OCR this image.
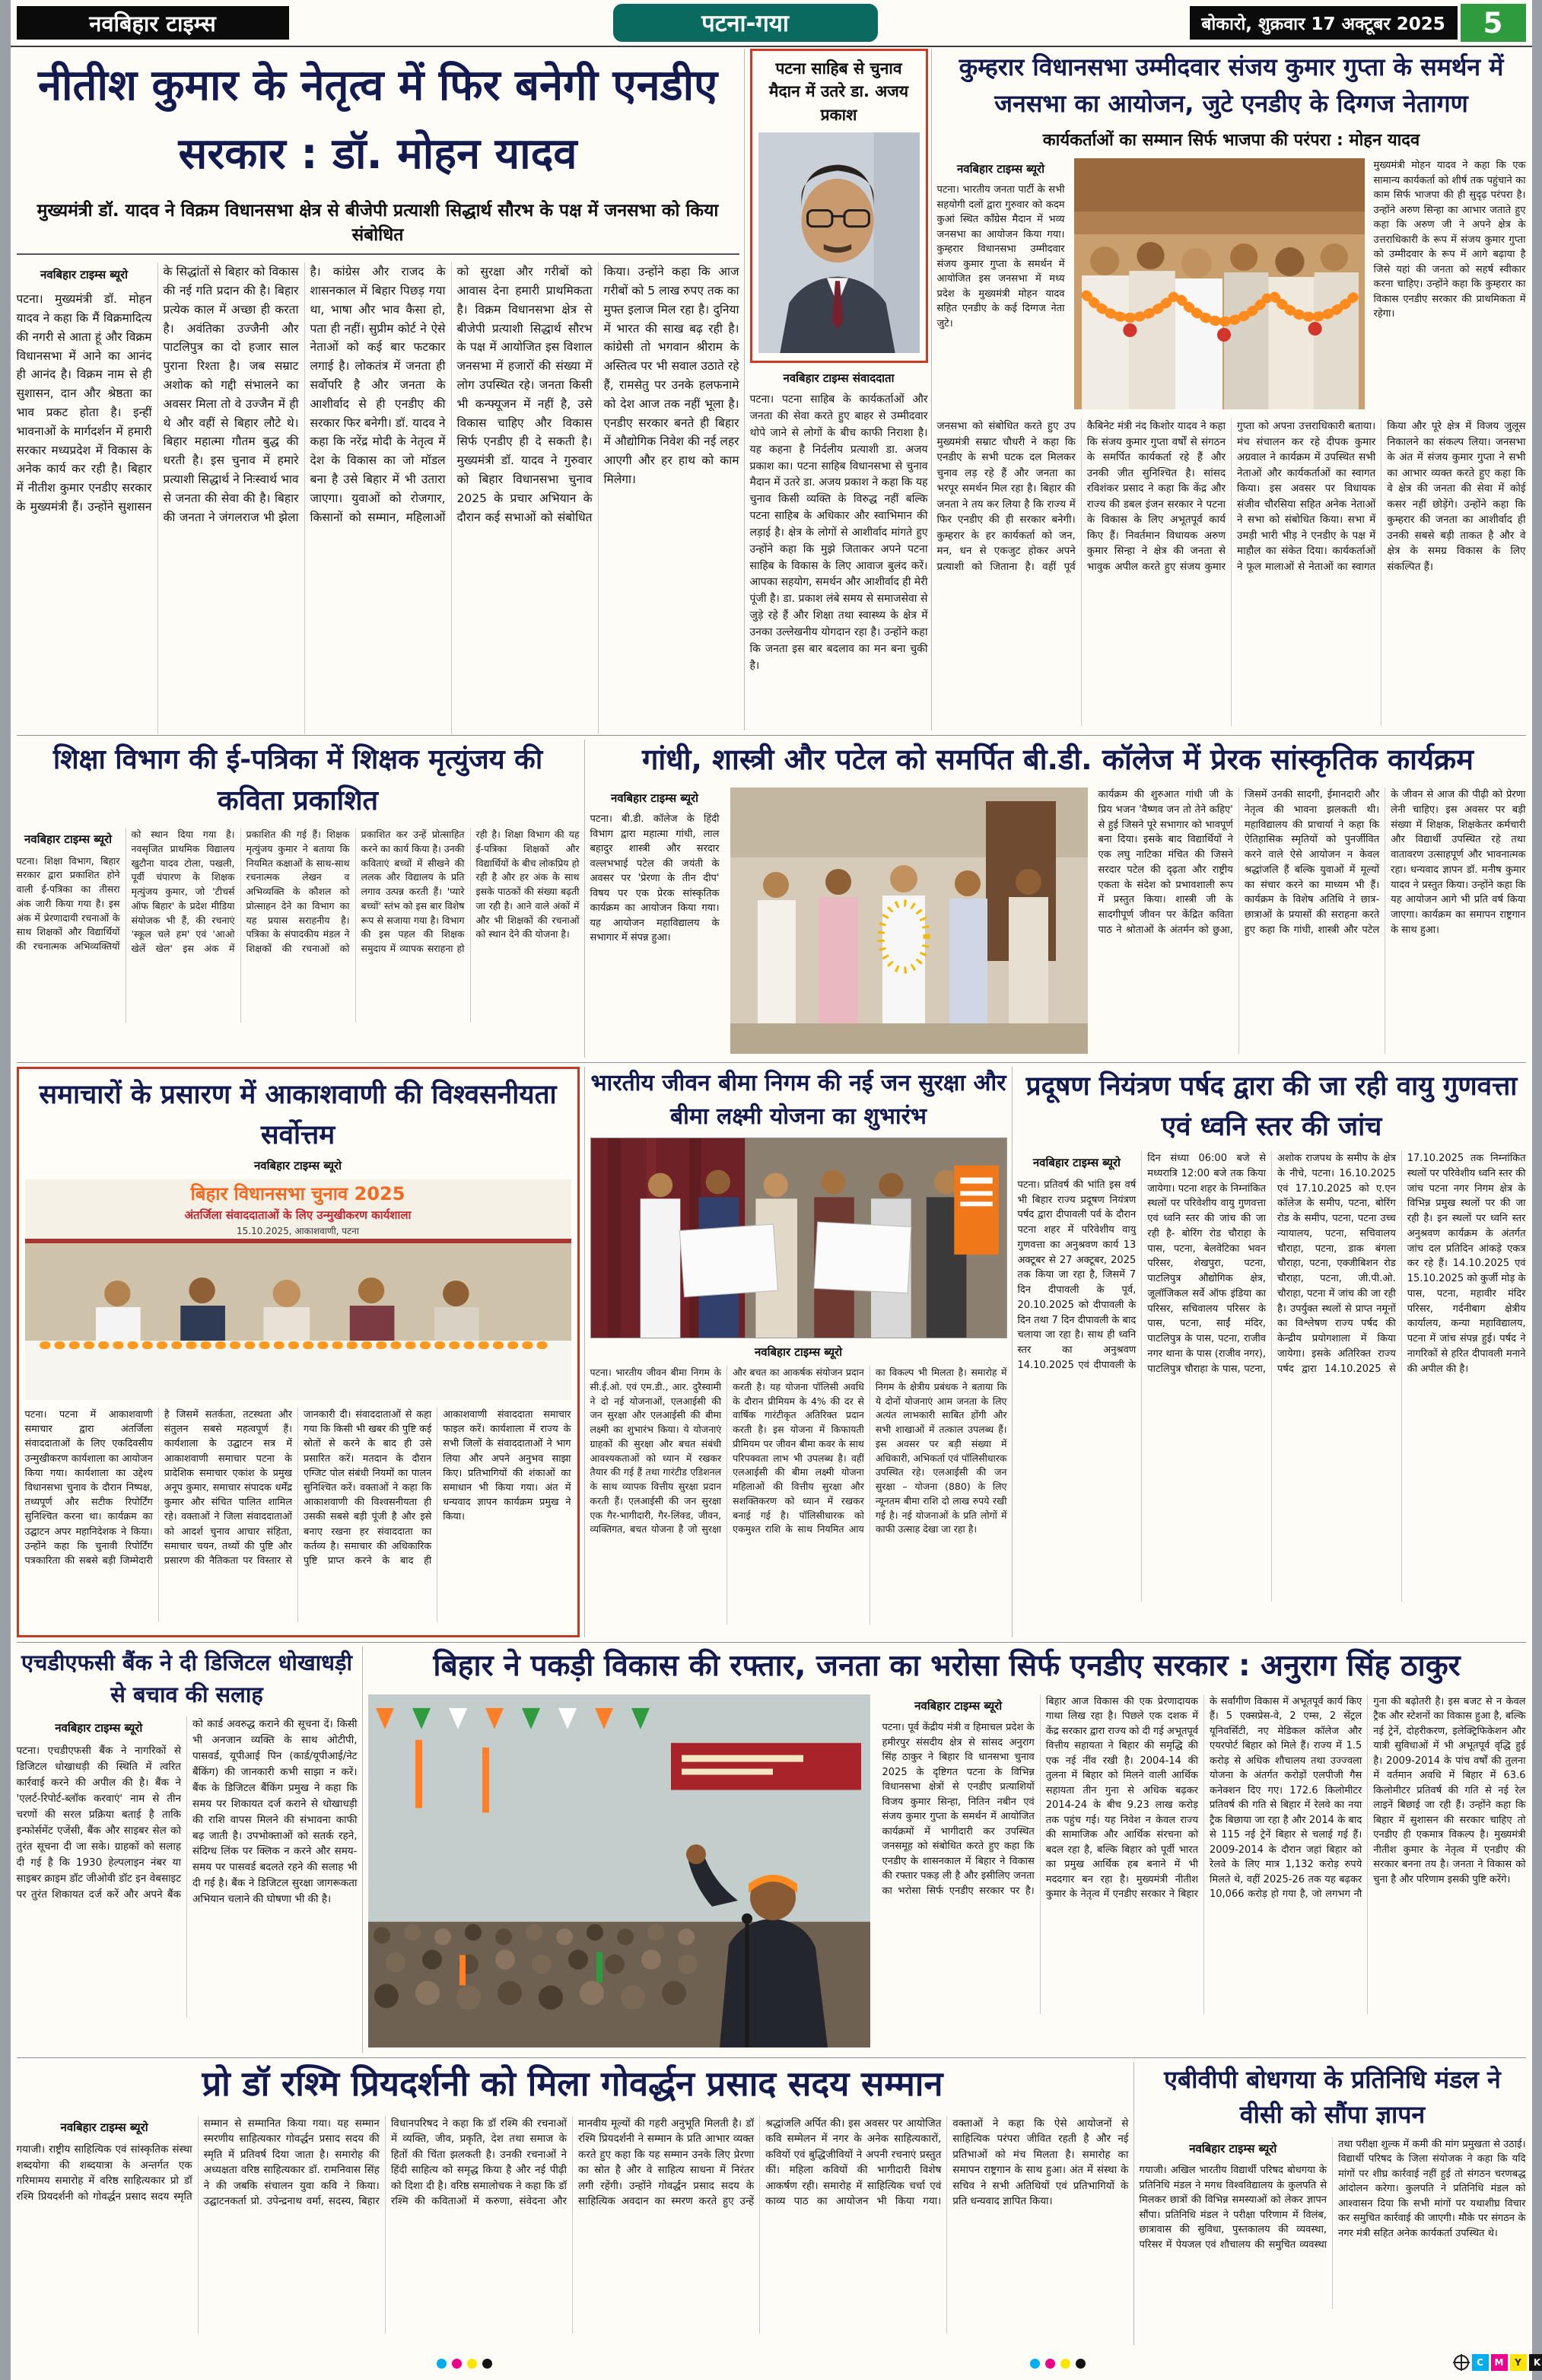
नवबिहार टाइम्स	पटना-गया	बोकारो, शुक्रवार 17 अक्टूबर 2025	5
नीतीश कुमार के नेतृत्व में फिर बनेगी एनडीए सरकार : डॉ. मोहन यादव
मुख्यमंत्री डॉ. यादव ने विक्रम विधानसभा क्षेत्र से बीजेपी प्रत्याशी सिद्धार्थ सौरभ के पक्ष में जनसभा को किया संबोधित
नवबिहार टाइम्स ब्यूरो
पटना। मुख्यमंत्री डॉ. मोहन यादव ने कहा कि मैं विक्रमादित्य की नगरी से आता हूं और विक्रम विधानसभा में आने का आनंद ही आनंद है। विक्रम नाम से ही सुशासन, दान और श्रेष्ठता का भाव प्रकट होता है। इन्हीं भावनाओं के मार्गदर्शन में हमारी सरकार मध्यप्रदेश में विकास के अनेक कार्य कर रही है। बिहार में नीतीश कुमार एनडीए सरकार के मुख्यमंत्री हैं। उन्होंने सुशासन के सिद्धांतों से बिहार को विकास की नई गति प्रदान की है। बिहार प्रत्येक काल में अच्छा ही करता है। अवंतिका उज्जैनी और पाटलिपुत्र का दो हजार साल पुराना रिश्ता है। जब सम्राट अशोक को गद्दी संभालने का अवसर मिला तो वे उज्जैन में ही थे और वहीं से बिहार लौटे थे। बिहार महात्मा गौतम बुद्ध की धरती है। इस चुनाव में हमारे प्रत्याशी सिद्धार्थ ने निःस्वार्थ भाव से जनता की सेवा की है। बिहार की जनता ने जंगलराज भी झेला है। कांग्रेस और राजद के शासनकाल में बिहार पिछड़ गया था, भाषा और भाव कैसा हो, पता ही नहीं। सुप्रीम कोर्ट ने ऐसे नेताओं को कई बार फटकार लगाई है। लोकतंत्र में जनता ही सर्वोपरि है और जनता के आशीर्वाद से ही एनडीए की सरकार फिर बनेगी। डॉ. यादव ने कहा कि नरेंद्र मोदी के नेतृत्व में देश के विकास का जो मॉडल बना है उसे बिहार में भी उतारा जाएगा। युवाओं को रोजगार, किसानों को सम्मान, महिलाओं को सुरक्षा और गरीबों को आवास देना हमारी प्राथमिकता है। विक्रम विधानसभा क्षेत्र से बीजेपी प्रत्याशी सिद्धार्थ सौरभ के पक्ष में आयोजित इस विशाल जनसभा में हजारों की संख्या में लोग उपस्थित रहे। जनता किसी भी कन्फ्यूजन में नहीं है, उसे विकास चाहिए और विकास सिर्फ एनडीए ही दे सकती है। मुख्यमंत्री डॉ. यादव ने गुरुवार को बिहार विधानसभा चुनाव 2025 के प्रचार अभियान के दौरान कई सभाओं को संबोधित किया। उन्होंने कहा कि आज गरीबों को 5 लाख रुपए तक का मुफ्त इलाज मिल रहा है। दुनिया में भारत की साख बढ़ रही है। कांग्रेसी तो भगवान श्रीराम के अस्तित्व पर भी सवाल उठाते रहे हैं, रामसेतु पर उनके हलफनामे को देश आज तक नहीं भूला है। एनडीए सरकार बनते ही बिहार में औद्योगिक निवेश की नई लहर आएगी और हर हाथ को काम मिलेगा।
पटना साहिब से चुनाव मैदान में उतरे डा. अजय प्रकाश
नवबिहार टाइम्स संवाददाता
पटना। पटना साहिब के कार्यकर्ताओं और जनता की सेवा करते हुए बाहर से उम्मीदवार थोपे जाने से लोगों के बीच काफी निराशा है। यह कहना है निर्दलीय प्रत्याशी डा. अजय प्रकाश का। पटना साहिब विधानसभा से चुनाव मैदान में उतरे डा. अजय प्रकाश ने कहा कि यह चुनाव किसी व्यक्ति के विरुद्ध नहीं बल्कि पटना साहिब के अधिकार और स्वाभिमान की लड़ाई है। क्षेत्र के लोगों से आशीर्वाद मांगते हुए उन्होंने कहा कि मुझे जिताकर अपने पटना साहिब के विकास के लिए आवाज बुलंद करें। आपका सहयोग, समर्थन और आशीर्वाद ही मेरी पूंजी है। डा. प्रकाश लंबे समय से समाजसेवा से जुड़े रहे हैं और शिक्षा तथा स्वास्थ्य के क्षेत्र में उनका उल्लेखनीय योगदान रहा है। उन्होंने कहा कि जनता इस बार बदलाव का मन बना चुकी है।
कुम्हरार विधानसभा उम्मीदवार संजय कुमार गुप्ता के समर्थन में जनसभा का आयोजन, जुटे एनडीए के दिग्गज नेतागण
कार्यकर्ताओं का सम्मान सिर्फ भाजपा की परंपरा : मोहन यादव
नवबिहार टाइम्स ब्यूरो
पटना। भारतीय जनता पार्टी के सभी सहयोगी दलों द्वारा गुरुवार को कदम कुआं स्थित काँग्रेस मैदान में भव्य जनसभा का आयोजन किया गया। कुम्हरार विधानसभा उम्मीदवार संजय कुमार गुप्ता के समर्थन में आयोजित इस जनसभा में मध्य प्रदेश के मुख्यमंत्री मोहन यादव सहित एनडीए के कई दिग्गज नेता जुटे।
मुख्यमंत्री मोहन यादव ने कहा कि एक सामान्य कार्यकर्ता को शीर्ष तक पहुंचाने का काम सिर्फ भाजपा की ही सुदृढ़ परंपरा है। उन्होंने अरुण सिन्हा का आभार जताते हुए कहा कि अरुण जी ने अपने क्षेत्र के उत्तराधिकारी के रूप में संजय कुमार गुप्ता को उम्मीदवार के रूप में आगे बढ़ाया है जिसे यहां की जनता को सहर्ष स्वीकार करना चाहिए। उन्होंने कहा कि कुम्हरार का विकास एनडीए सरकार की प्राथमिकता में रहेगा।
जनसभा को संबोधित करते हुए उप मुख्यमंत्री सम्राट चौधरी ने कहा कि एनडीए के सभी घटक दल मिलकर चुनाव लड़ रहे हैं और जनता का भरपूर समर्थन मिल रहा है। बिहार की जनता ने तय कर लिया है कि राज्य में फिर एनडीए की ही सरकार बनेगी। कुम्हरार के हर कार्यकर्ता को जन, मन, धन से एकजुट होकर अपने प्रत्याशी को जिताना है। वहीं पूर्व कैबिनेट मंत्री नंद किशोर यादव ने कहा कि संजय कुमार गुप्ता वर्षों से संगठन के समर्पित कार्यकर्ता रहे हैं और उनकी जीत सुनिश्चित है। सांसद रविशंकर प्रसाद ने कहा कि केंद्र और राज्य की डबल इंजन सरकार ने पटना के विकास के लिए अभूतपूर्व कार्य किए हैं। निवर्तमान विधायक अरुण कुमार सिन्हा ने क्षेत्र की जनता से भावुक अपील करते हुए संजय कुमार गुप्ता को अपना उत्तराधिकारी बताया। मंच संचालन कर रहे दीपक कुमार अग्रवाल ने कार्यक्रम में उपस्थित सभी नेताओं और कार्यकर्ताओं का स्वागत किया। इस अवसर पर विधायक संजीव चौरसिया सहित अनेक नेताओं ने सभा को संबोधित किया। सभा में उमड़ी भारी भीड़ ने एनडीए के पक्ष में माहौल का संकेत दिया। कार्यकर्ताओं ने फूल मालाओं से नेताओं का स्वागत किया और पूरे क्षेत्र में विजय जुलूस निकालने का संकल्प लिया। जनसभा के अंत में संजय कुमार गुप्ता ने सभी का आभार व्यक्त करते हुए कहा कि वे क्षेत्र की जनता की सेवा में कोई कसर नहीं छोड़ेंगे। उन्होंने कहा कि कुम्हरार की जनता का आशीर्वाद ही उनकी सबसे बड़ी ताकत है और वे क्षेत्र के समग्र विकास के लिए संकल्पित हैं।
शिक्षा विभाग की ई-पत्रिका में शिक्षक मृत्युंजय की कविता प्रकाशित
नवबिहार टाइम्स ब्यूरो
पटना। शिक्षा विभाग, बिहार सरकार द्वारा प्रकाशित होने वाली ई-पत्रिका का तीसरा अंक जारी किया गया है। इस अंक में प्रेरणादायी रचनाओं के साथ शिक्षकों और विद्यार्थियों की रचनात्मक अभिव्यक्तियों को स्थान दिया गया है। नवसृजित प्राथमिक विद्यालय खुटौना यादव टोला, पखली, पूर्वी चंपारण के शिक्षक मृत्युंजय कुमार, जो 'टीचर्स ऑफ बिहार' के प्रदेश मीडिया संयोजक भी हैं, की रचनाएं 'स्कूल चले हम' एवं 'आओ खेलें खेल' इस अंक में प्रकाशित की गई हैं। शिक्षक मृत्युंजय कुमार ने बताया कि नियमित कक्षाओं के साथ-साथ रचनात्मक लेखन व अभिव्यक्ति के कौशल को प्रोत्साहन देने का विभाग का यह प्रयास सराहनीय है। पत्रिका के संपादकीय मंडल ने शिक्षकों की रचनाओं को प्रकाशित कर उन्हें प्रोत्साहित करने का कार्य किया है। उनकी कविताएं बच्चों में सीखने की ललक और विद्यालय के प्रति लगाव उत्पन्न करती हैं। 'प्यारे बच्चों' स्तंभ को इस बार विशेष रूप से सजाया गया है। विभाग की इस पहल की शिक्षक समुदाय में व्यापक सराहना हो रही है। शिक्षा विभाग की यह ई-पत्रिका शिक्षकों और विद्यार्थियों के बीच लोकप्रिय हो रही है और हर अंक के साथ इसके पाठकों की संख्या बढ़ती जा रही है। आने वाले अंकों में और भी शिक्षकों की रचनाओं को स्थान देने की योजना है।
गांधी, शास्त्री और पटेल को समर्पित बी.डी. कॉलेज में प्रेरक सांस्कृतिक कार्यक्रम
नवबिहार टाइम्स ब्यूरो
पटना। बी.डी. कॉलेज के हिंदी विभाग द्वारा महात्मा गांधी, लाल बहादुर शास्त्री और सरदार वल्लभभाई पटेल की जयंती के अवसर पर 'प्रेरणा के तीन दीप' विषय पर एक प्रेरक सांस्कृतिक कार्यक्रम का आयोजन किया गया। यह आयोजन महाविद्यालय के सभागार में संपन्न हुआ।
कार्यक्रम की शुरुआत गांधी जी के प्रिय भजन 'वैष्णव जन तो तेने कहिए' से हुई जिसने पूरे सभागार को भावपूर्ण बना दिया। इसके बाद विद्यार्थियों ने एक लघु नाटिका मंचित की जिसने सरदार पटेल की दृढ़ता और राष्ट्रीय एकता के संदेश को प्रभावशाली रूप में प्रस्तुत किया। शास्त्री जी के सादगीपूर्ण जीवन पर केंद्रित कविता पाठ ने श्रोताओं के अंतर्मन को छुआ, जिसमें उनकी सादगी, ईमानदारी और नेतृत्व की भावना झलकती थी। महाविद्यालय की प्राचार्या ने कहा कि ऐतिहासिक स्मृतियों को पुनर्जीवित करने वाले ऐसे आयोजन न केवल श्रद्धांजलि हैं बल्कि युवाओं में मूल्यों का संचार करने का माध्यम भी हैं। कार्यक्रम के विशेष अतिथि ने छात्र-छात्राओं के प्रयासों की सराहना करते हुए कहा कि गांधी, शास्त्री और पटेल के जीवन से आज की पीढ़ी को प्रेरणा लेनी चाहिए। इस अवसर पर बड़ी संख्या में शिक्षक, शिक्षकेतर कर्मचारी और विद्यार्थी उपस्थित रहे तथा वातावरण उत्साहपूर्ण और भावनात्मक रहा। धन्यवाद ज्ञापन डॉ. मनीष कुमार यादव ने प्रस्तुत किया। उन्होंने कहा कि यह आयोजन आगे भी प्रति वर्ष किया जाएगा। कार्यक्रम का समापन राष्ट्रगान के साथ हुआ।
समाचारों के प्रसारण में आकाशवाणी की विश्वसनीयता सर्वोत्तम
नवबिहार टाइम्स ब्यूरो
बिहार विधानसभा चुनाव 2025
अंतर्जिला संवाददाताओं के लिए उन्मुखीकरण कार्यशाला
15.10.2025, आकाशवाणी, पटना
पटना। पटना में आकाशवाणी समाचार द्वारा अंतर्जिला संवाददाताओं के लिए एकदिवसीय उन्मुखीकरण कार्यशाला का आयोजन किया गया। कार्यशाला का उद्देश्य विधानसभा चुनाव के दौरान निष्पक्ष, तथ्यपूर्ण और सटीक रिपोर्टिंग सुनिश्चित करना था। कार्यक्रम का उद्घाटन अपर महानिदेशक ने किया। उन्होंने कहा कि चुनावी रिपोर्टिंग पत्रकारिता की सबसे बड़ी जिम्मेदारी है जिसमें सतर्कता, तटस्थता और संतुलन सबसे महत्वपूर्ण हैं। कार्यशाला के उद्घाटन सत्र में आकाशवाणी समाचार पटना के प्रादेशिक समाचार एकांश के प्रमुख अनूप कुमार, समाचार संपादक धर्मेंद्र कुमार और संचित पालित शामिल रहे। वक्ताओं ने जिला संवाददाताओं को आदर्श चुनाव आचार संहिता, समाचार चयन, तथ्यों की पुष्टि और प्रसारण की नैतिकता पर विस्तार से जानकारी दी। संवाददाताओं से कहा गया कि किसी भी खबर की पुष्टि कई स्रोतों से करने के बाद ही उसे प्रसारित करें। मतदान के दौरान एग्जिट पोल संबंधी नियमों का पालन सुनिश्चित करें। वक्ताओं ने कहा कि आकाशवाणी की विश्वसनीयता ही उसकी सबसे बड़ी पूंजी है और इसे बनाए रखना हर संवाददाता का कर्तव्य है। समाचार की अधिकारिक पुष्टि प्राप्त करने के बाद ही आकाशवाणी संवाददाता समाचार फाइल करें। कार्यशाला में राज्य के सभी जिलों के संवाददाताओं ने भाग लिया और अपने अनुभव साझा किए। प्रतिभागियों की शंकाओं का समाधान भी किया गया। अंत में धन्यवाद ज्ञापन कार्यक्रम प्रमुख ने किया।
भारतीय जीवन बीमा निगम की नई जन सुरक्षा और बीमा लक्ष्मी योजना का शुभारंभ
नवबिहार टाइम्स ब्यूरो
पटना। भारतीय जीवन बीमा निगम के सी.ई.ओ. एवं एम.डी., आर. दुरैस्वामी ने दो नई योजनाओं, एलआईसी की जन सुरक्षा और एलआईसी की बीमा लक्ष्मी का शुभारंभ किया। ये योजनाएं ग्राहकों की सुरक्षा और बचत संबंधी आवश्यकताओं को ध्यान में रखकर तैयार की गई हैं तथा गारंटीड एडिशनल के साथ व्यापक वित्तीय सुरक्षा प्रदान करती हैं। एलआईसी की जन सुरक्षा एक गैर-भागीदारी, गैर-लिंक्ड, जीवन, व्यक्तिगत, बचत योजना है जो सुरक्षा और बचत का आकर्षक संयोजन प्रदान करती है। यह योजना पॉलिसी अवधि के दौरान प्रीमियम के 4% की दर से वार्षिक गारंटीकृत अतिरिक्त प्रदान करती है। इस योजना में किफायती प्रीमियम पर जीवन बीमा कवर के साथ परिपक्वता लाभ भी उपलब्ध है। वहीं एलआईसी की बीमा लक्ष्मी योजना महिलाओं की वित्तीय सुरक्षा और सशक्तिकरण को ध्यान में रखकर बनाई गई है। पॉलिसीधारक को एकमुश्त राशि के साथ नियमित आय का विकल्प भी मिलता है। समारोह में निगम के क्षेत्रीय प्रबंधक ने बताया कि ये दोनों योजनाएं आम जनता के लिए अत्यंत लाभकारी साबित होंगी और सभी शाखाओं में तत्काल उपलब्ध हैं। इस अवसर पर बड़ी संख्या में अधिकारी, अभिकर्ता एवं पॉलिसीधारक उपस्थित रहे। एलआईसी की जन सुरक्षा – योजना (880) के लिए न्यूनतम बीमा राशि दो लाख रुपये रखी गई है। नई योजनाओं के प्रति लोगों में काफी उत्साह देखा जा रहा है।
प्रदूषण नियंत्रण पर्षद द्वारा की जा रही वायु गुणवत्ता एवं ध्वनि स्तर की जांच
नवबिहार टाइम्स ब्यूरो
पटना। प्रतिवर्ष की भांति इस वर्ष भी बिहार राज्य प्रदूषण नियंत्रण पर्षद द्वारा दीपावली पर्व के दौरान पटना शहर में परिवेशीय वायु गुणवत्ता का अनुश्रवण कार्य 13 अक्टूबर से 27 अक्टूबर, 2025 तक किया जा रहा है, जिसमें 7 दिन दीपावली के पूर्व, 20.10.2025 को दीपावली के दिन तथा 7 दिन दीपावली के बाद चलाया जा रहा है। साथ ही ध्वनि स्तर का अनुश्रवण 14.10.2025 एवं दीपावली के दिन संध्या 06:00 बजे से मध्यरात्रि 12:00 बजे तक किया जायेगा। पटना शहर के निम्नांकित स्थलों पर परिवेशीय वायु गुणवत्ता एवं ध्वनि स्तर की जांच की जा रही है- बोरिंग रोड चौराहा के पास, पटना, बेलवेटिका भवन परिसर, शेखपुरा, पटना, पाटलिपुत्र औद्योगिक क्षेत्र, जूलॉजिकल सर्वे ऑफ इंडिया का परिसर, सचिवालय परिसर के पास, पटना, साईं मंदिर, पाटलिपुत्र के पास, पटना, राजीव नगर थाना के पास (राजीव नगर), पाटलिपुत्र चौराहा के पास, पटना, अशोक राजपथ के समीप के क्षेत्र के नीचे, पटना। 16.10.2025 एवं 17.10.2025 को ए.एन कॉलेज के समीप, पटना, बोरिंग रोड के समीप, पटना, पटना उच्च न्यायालय, पटना, सचिवालय चौराहा, पटना, डाक बंगला चौराहा, पटना, एक्जीबिशन रोड चौराहा, पटना, जी.पी.ओ. चौराहा, पटना में जांच की जा रही है। उपर्युक्त स्थलों से प्राप्त नमूनों का विश्लेषण राज्य पर्षद की केन्द्रीय प्रयोगशाला में किया जायेगा। इसके अतिरिक्त राज्य पर्षद द्वारा 14.10.2025 से 17.10.2025 तक निम्नांकित स्थलों पर परिवेशीय ध्वनि स्तर की जांच पटना नगर निगम क्षेत्र के विभिन्न प्रमुख स्थलों पर की जा रही है। इन स्थलों पर ध्वनि स्तर अनुश्रवण कार्यक्रम के अंतर्गत जांच दल प्रतिदिन आंकड़े एकत्र कर रहे हैं। 14.10.2025 एवं 15.10.2025 को कुर्जी मोड़ के पास, पटना, महावीर मंदिर परिसर, गर्दनीबाग क्षेत्रीय कार्यालय, कन्या महाविद्यालय, पटना में जांच संपन्न हुई। पर्षद ने नागरिकों से हरित दीपावली मनाने की अपील की है।
एचडीएफसी बैंक ने दी डिजिटल धोखाधड़ी से बचाव की सलाह
नवबिहार टाइम्स ब्यूरो
पटना। एचडीएफसी बैंक ने नागरिकों से डिजिटल धोखाधड़ी की स्थिति में त्वरित कार्रवाई करने की अपील की है। बैंक ने 'एलर्ट-रिपोर्ट-ब्लॉक करवाएं' नाम से तीन चरणों की सरल प्रक्रिया बताई है ताकि इन्फोर्समेंट एजेंसी, बैंक और साइबर सेल को तुरंत सूचना दी जा सके। ग्राहकों को सलाह दी गई है कि 1930 हेल्पलाइन नंबर या साइबर क्राइम डॉट जीओवी डॉट इन वेबसाइट पर तुरंत शिकायत दर्ज करें और अपने बैंक को कार्ड अवरुद्ध कराने की सूचना दें। किसी भी अनजान व्यक्ति के साथ ओटीपी, पासवर्ड, यूपीआई पिन (कार्ड/यूपीआई/नेट बैंकिंग) की जानकारी कभी साझा न करें। बैंक के डिजिटल बैंकिंग प्रमुख ने कहा कि समय पर शिकायत दर्ज कराने से धोखाधड़ी की राशि वापस मिलने की संभावना काफी बढ़ जाती है। उपभोक्ताओं को सतर्क रहने, संदिग्ध लिंक पर क्लिक न करने और समय-समय पर पासवर्ड बदलते रहने की सलाह भी दी गई है। बैंक ने डिजिटल सुरक्षा जागरूकता अभियान चलाने की घोषणा भी की है।
बिहार ने पकड़ी विकास की रफ्तार, जनता का भरोसा सिर्फ एनडीए सरकार : अनुराग सिंह ठाकुर
नवबिहार टाइम्स ब्यूरो
पटना। पूर्व केंद्रीय मंत्री व हिमाचल प्रदेश के हमीरपुर संसदीय क्षेत्र से सांसद अनुराग सिंह ठाकुर ने बिहार वि धानसभा चुनाव 2025 के दृष्टिगत पटना के विभिन्न विधानसभा क्षेत्रों से एनडीए प्रत्याशियों विजय कुमार सिन्हा, नितिन नबीन एवं संजय कुमार गुप्ता के समर्थन में आयोजित कार्यक्रमों में भागीदारी कर उपस्थित जनसमूह को संबोधित करते हुए कहा कि एनडीए के शासनकाल में बिहार ने विकास की रफ्तार पकड़ ली है और इसीलिए जनता का भरोसा सिर्फ एनडीए सरकार पर है। बिहार आज विकास की एक प्रेरणादायक गाथा लिख रहा है। पिछले एक दशक में केंद्र सरकार द्वारा राज्य को दी गई अभूतपूर्व वित्तीय सहायता ने बिहार की समृद्धि की एक नई नींव रखी है। 2004-14 की तुलना में बिहार को मिलने वाली आर्थिक सहायता तीन गुना से अधिक बढ़कर 2014-24 के बीच 9.23 लाख करोड़ तक पहुंच गई। यह निवेश न केवल राज्य की सामाजिक और आर्थिक संरचना को बदल रहा है, बल्कि बिहार को पूर्वी भारत का प्रमुख आर्थिक हब बनाने में भी मददगार बन रहा है। मुख्यमंत्री नीतीश कुमार के नेतृत्व में एनडीए सरकार ने बिहार के सर्वांगीण विकास में अभूतपूर्व कार्य किए हैं। 5 एक्सप्रेस-वे, 2 एम्स, 2 सेंट्रल यूनिवर्सिटी, नए मेडिकल कॉलेज और एयरपोर्ट बिहार को मिले हैं। राज्य में 1.5 करोड़ से अधिक शौचालय तथा उज्ज्वला योजना के अंतर्गत करोड़ों एलपीजी गैस कनेक्शन दिए गए। 172.6 किलोमीटर प्रतिवर्ष की गति से बिहार में रेलवे का नया ट्रैक बिछाया जा रहा है और 2014 के बाद से 115 नई ट्रेनें बिहार से चलाई गई हैं। 2009-2014 के दौरान जहां बिहार को रेलवे के लिए मात्र 1,132 करोड़ रुपये मिलते थे, वहीं 2025-26 तक यह बढ़कर 10,066 करोड़ हो गया है, जो लगभग नौ गुना की बढ़ोतरी है। इस बजट से न केवल ट्रैक और स्टेशनों का विकास हुआ है, बल्कि नई ट्रेनें, दोहरीकरण, इलेक्ट्रिफिकेशन और यात्री सुविधाओं में भी अभूतपूर्व वृद्धि हुई है। 2009-2014 के पांच वर्षों की तुलना में वर्तमान अवधि में बिहार में 63.6 किलोमीटर प्रतिवर्ष की गति से नई रेल लाइनें बिछाई जा रही हैं। उन्होंने कहा कि बिहार में सुशासन की सरकार चाहिए तो एनडीए ही एकमात्र विकल्प है। मुख्यमंत्री नीतीश कुमार के नेतृत्व में एनडीए की सरकार बनना तय है। जनता ने विकास को चुना है और परिणाम इसकी पुष्टि करेंगे।
प्रो डॉ रश्मि प्रियदर्शनी को मिला गोवर्द्धन प्रसाद सदय सम्मान
नवबिहार टाइम्स ब्यूरो
गयाजी। राष्ट्रीय साहित्यिक एवं सांस्कृतिक संस्था शब्दयोगा की शब्दयात्रा के अन्तर्गत एक गरिमामय समारोह में वरिष्ठ साहित्यकार प्रो डॉ रश्मि प्रियदर्शनी को गोवर्द्धन प्रसाद सदय स्मृति सम्मान से सम्मानित किया गया। यह सम्मान स्मरणीय साहित्यकार गोवर्द्धन प्रसाद सदय की स्मृति में प्रतिवर्ष दिया जाता है। समारोह की अध्यक्षता वरिष्ठ साहित्यकार डॉ. रामनिवास सिंह ने की जबकि संचालन युवा कवि ने किया। उद्घाटनकर्ता प्रो. उपेन्द्रनाथ वर्मा, सदस्य, बिहार विधानपरिषद ने कहा कि डॉ रश्मि की रचनाओं में व्यक्ति, जीव, प्रकृति, देश तथा समाज के हितों की चिंता झलकती है। उनकी रचनाओं ने हिंदी साहित्य को समृद्ध किया है और नई पीढ़ी को दिशा दी है। वरिष्ठ समालोचक ने कहा कि डॉ रश्मि की कविताओं में करुणा, संवेदना और मानवीय मूल्यों की गहरी अनुभूति मिलती है। डॉ रश्मि प्रियदर्शनी ने सम्मान के प्रति आभार व्यक्त करते हुए कहा कि यह सम्मान उनके लिए प्रेरणा का स्रोत है और वे साहित्य साधना में निरंतर लगी रहेंगी। उन्होंने गोवर्द्धन प्रसाद सदय के साहित्यिक अवदान का स्मरण करते हुए उन्हें श्रद्धांजलि अर्पित की। इस अवसर पर आयोजित कवि सम्मेलन में नगर के अनेक साहित्यकारों, कवियों एवं बुद्धिजीवियों ने अपनी रचनाएं प्रस्तुत कीं। महिला कवियों की भागीदारी विशेष आकर्षण रही। समारोह में साहित्यिक चर्चा एवं काव्य पाठ का आयोजन भी किया गया। वक्ताओं ने कहा कि ऐसे आयोजनों से साहित्यिक परंपरा जीवित रहती है और नई प्रतिभाओं को मंच मिलता है। समारोह का समापन राष्ट्रगान के साथ हुआ। अंत में संस्था के सचिव ने सभी अतिथियों एवं प्रतिभागियों के प्रति धन्यवाद ज्ञापित किया।
एबीवीपी बोधगया के प्रतिनिधि मंडल ने वीसी को सौंपा ज्ञापन
नवबिहार टाइम्स ब्यूरो
गयाजी। अखिल भारतीय विद्यार्थी परिषद बोधगया के प्रतिनिधि मंडल ने मगध विश्वविद्यालय के कुलपति से मिलकर छात्रों की विभिन्न समस्याओं को लेकर ज्ञापन सौंपा। प्रतिनिधि मंडल ने परीक्षा परिणाम में विलंब, छात्रावास की सुविधा, पुस्तकालय की व्यवस्था, परिसर में पेयजल एवं शौचालय की समुचित व्यवस्था तथा परीक्षा शुल्क में कमी की मांग प्रमुखता से उठाई। विद्यार्थी परिषद के जिला संयोजक ने कहा कि यदि मांगों पर शीघ्र कार्रवाई नहीं हुई तो संगठन चरणबद्ध आंदोलन करेगा। कुलपति ने प्रतिनिधि मंडल को आश्वासन दिया कि सभी मांगों पर यथाशीघ्र विचार कर समुचित कार्रवाई की जाएगी। मौके पर संगठन के नगर मंत्री सहित अनेक कार्यकर्ता उपस्थित थे।
C	M	Y	K
